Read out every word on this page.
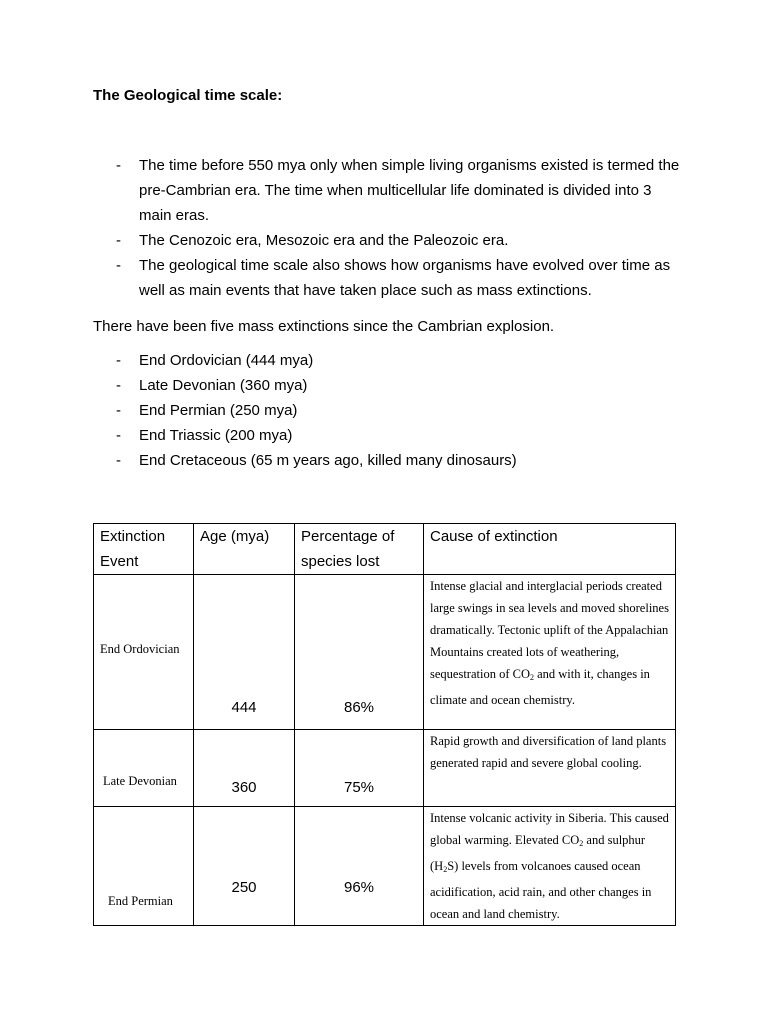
The Geological time scale:
- The time before 550 mya only when simple living organisms existed is termed the pre-Cambrian era. The time when multicellular life dominated is divided into 3 main eras.
- The Cenozoic era, Mesozoic era and the Paleozoic era.
- The geological time scale also shows how organisms have evolved over time as well as main events that have taken place such as mass extinctions.
There have been five mass extinctions since the Cambrian explosion.
- End Ordovician (444 mya)
- Late Devonian (360 mya)
- End Permian (250 mya)
- End Triassic (200 mya)
- End Cretaceous (65 m years ago, killed many dinosaurs)
Extinction Event	Age (mya)	Percentage of species lost	Cause of extinction

End Ordovician	444	86%	Intense glacial and interglacial periods created large swings in sea levels and moved shorelines dramatically. Tectonic uplift of the Appalachian Mountains created lots of weathering, sequestration of $CO_2$ and with it, changes in climate and ocean chemistry.

Late Devonian	360	75%	Rapid growth and diversification of land plants generated rapid and severe global cooling.

End Permian	250	96%	Intense volcanic activity in Siberia. This caused global warming. Elevated $CO_2$ and sulphur $(H_2S)$ levels from volcanoes caused ocean acidification, acid rain, and other changes in ocean and land chemistry.
